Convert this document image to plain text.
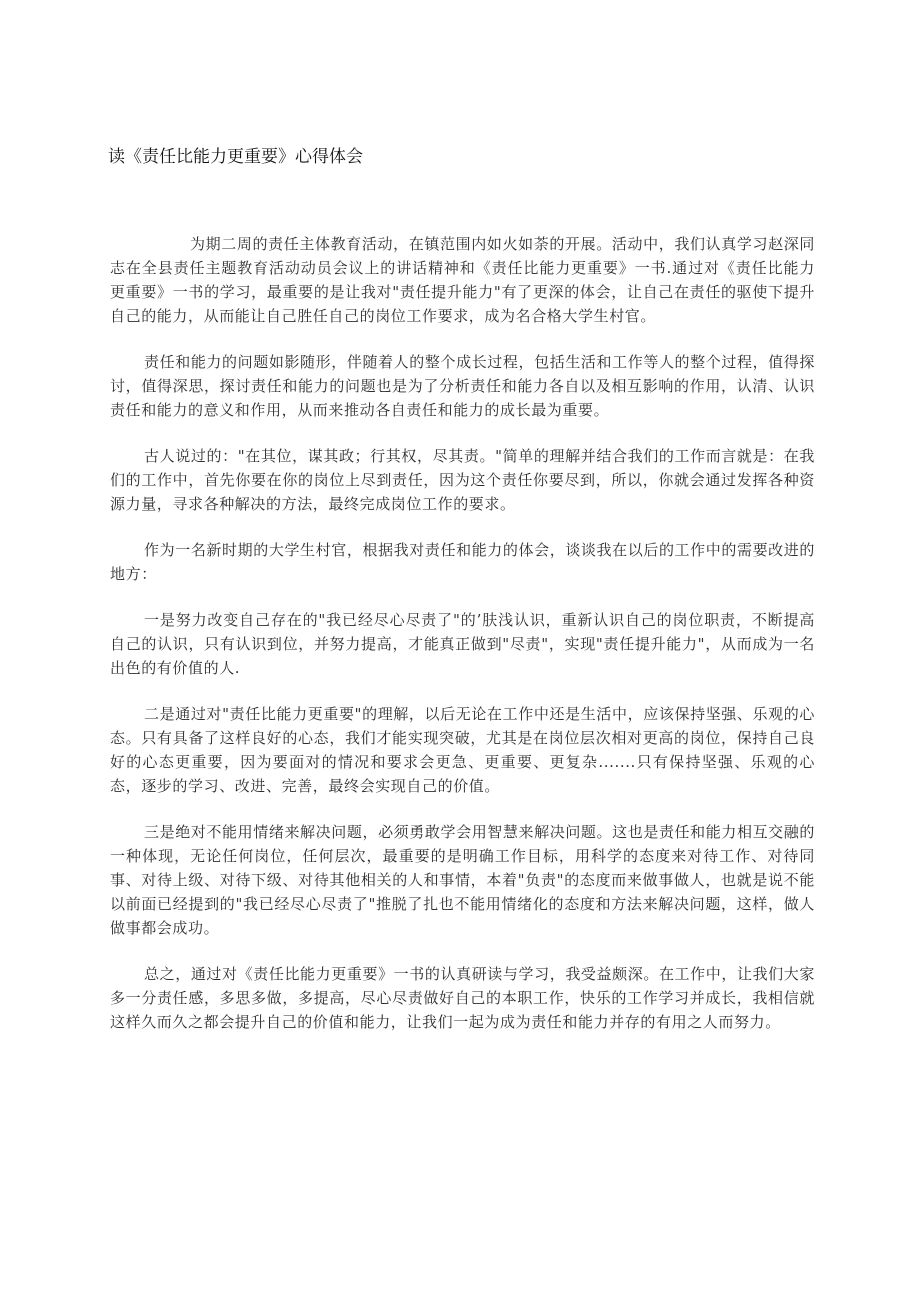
读《责任比能力更重要》心得体会

为期二周的责任主体教育活动，在镇范围内如火如荼的开展。活动中，我们认真学习赵深同志在全县责任主题教育活动动员会议上的讲话精神和《责任比能力更重要》一书.通过对《责任比能力更重要》一书的学习，最重要的是让我对"责任提升能力"有了更深的体会，让自己在责任的驱使下提升自己的能力，从而能让自己胜任自己的岗位工作要求，成为名合格大学生村官。

责任和能力的问题如影随形，伴随着人的整个成长过程，包括生活和工作等人的整个过程，值得探讨，值得深思，探讨责任和能力的问题也是为了分析责任和能力各自以及相互影响的作用，认清、认识责任和能力的意义和作用，从而来推动各自责任和能力的成长最为重要。

古人说过的："在其位，谋其政；行其权，尽其责。"简单的理解并结合我们的工作而言就是：在我们的工作中，首先你要在你的岗位上尽到责任，因为这个责任你要尽到，所以，你就会通过发挥各种资源力量，寻求各种解决的方法，最终完成岗位工作的要求。

作为一名新时期的大学生村官，根据我对责任和能力的体会，谈谈我在以后的工作中的需要改进的地方：

一是努力改变自己存在的"我已经尽心尽责了"的’肤浅认识，重新认识自己的岗位职责，不断提高自己的认识，只有认识到位，并努力提高，才能真正做到"尽责"，实现"责任提升能力"，从而成为一名出色的有价值的人.

二是通过对"责任比能力更重要"的理解，以后无论在工作中还是生活中，应该保持坚强、乐观的心态。只有具备了这样良好的心态，我们才能实现突破，尤其是在岗位层次相对更高的岗位，保持自己良好的心态更重要，因为要面对的情况和要求会更急、更重要、更复杂.......只有保持坚强、乐观的心态，逐步的学习、改进、完善，最终会实现自己的价值。

三是绝对不能用情绪来解决问题，必须勇敢学会用智慧来解决问题。这也是责任和能力相互交融的一种体现，无论任何岗位，任何层次，最重要的是明确工作目标，用科学的态度来对待工作、对待同事、对待上级、对待下级、对待其他相关的人和事情，本着"负责"的态度而来做事做人，也就是说不能以前面已经提到的"我已经尽心尽责了"推脱了扎也不能用情绪化的态度和方法来解决问题，这样，做人做事都会成功。

总之，通过对《责任比能力更重要》一书的认真研读与学习，我受益颇深。在工作中，让我们大家多一分责任感，多思多做，多提高，尽心尽责做好自己的本职工作，快乐的工作学习并成长，我相信就这样久而久之都会提升自己的价值和能力，让我们一起为成为责任和能力并存的有用之人而努力。
